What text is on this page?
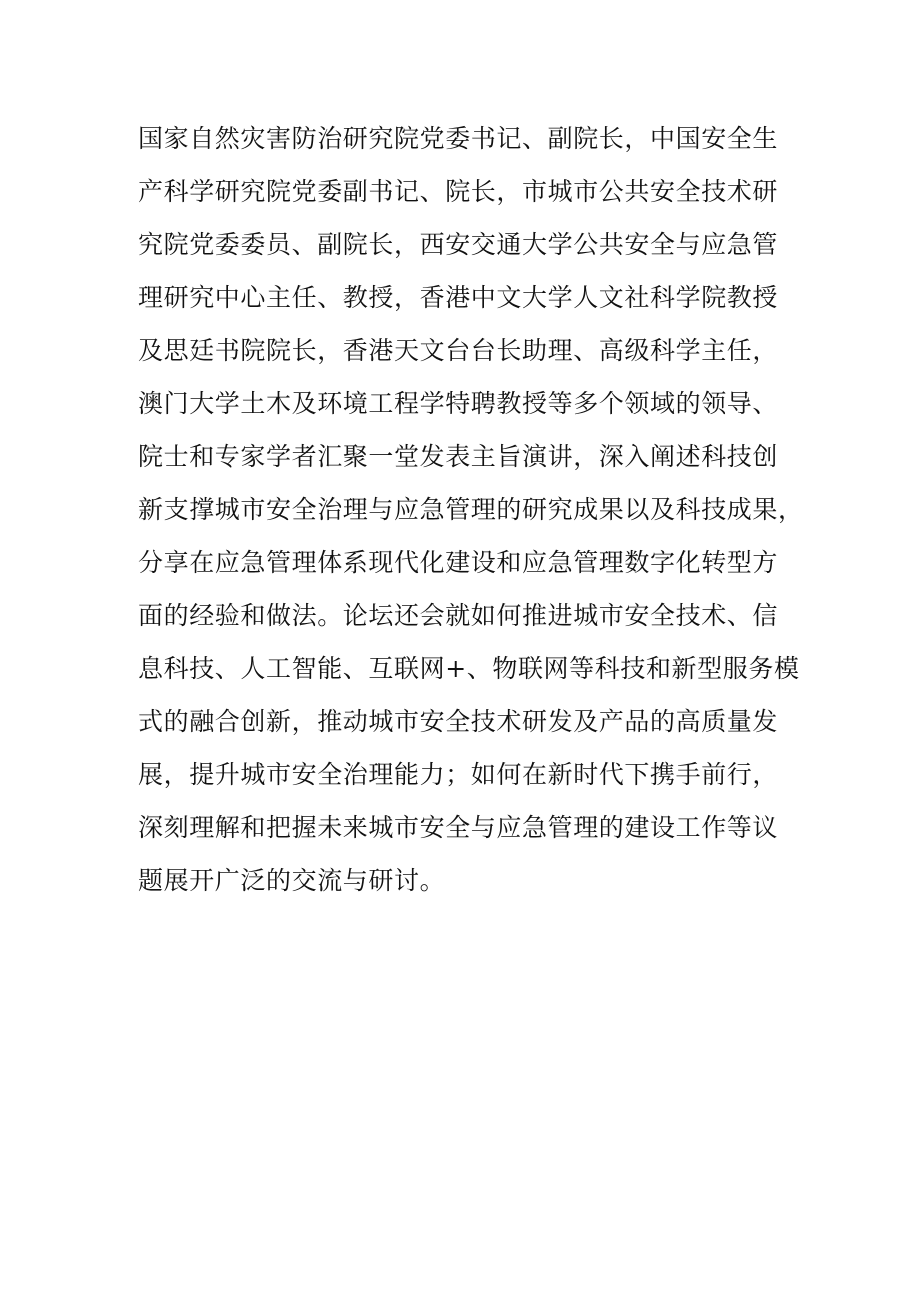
国家自然灾害防治研究院党委书记、副院长，中国安全生
产科学研究院党委副书记、院长，市城市公共安全技术研
究院党委委员、副院长，西安交通大学公共安全与应急管
理研究中心主任、教授，香港中文大学人文社科学院教授
及思廷书院院长，香港天文台台长助理、高级科学主任，
澳门大学土木及环境工程学特聘教授等多个领域的领导、
院士和专家学者汇聚一堂发表主旨演讲，深入阐述科技创
新支撑城市安全治理与应急管理的研究成果以及科技成果，
分享在应急管理体系现代化建设和应急管理数字化转型方
面的经验和做法。论坛还会就如何推进城市安全技术、信
息科技、人工智能、互联网+、物联网等科技和新型服务模
式的融合创新，推动城市安全技术研发及产品的高质量发
展，提升城市安全治理能力；如何在新时代下携手前行，
深刻理解和把握未来城市安全与应急管理的建设工作等议
题展开广泛的交流与研讨。
